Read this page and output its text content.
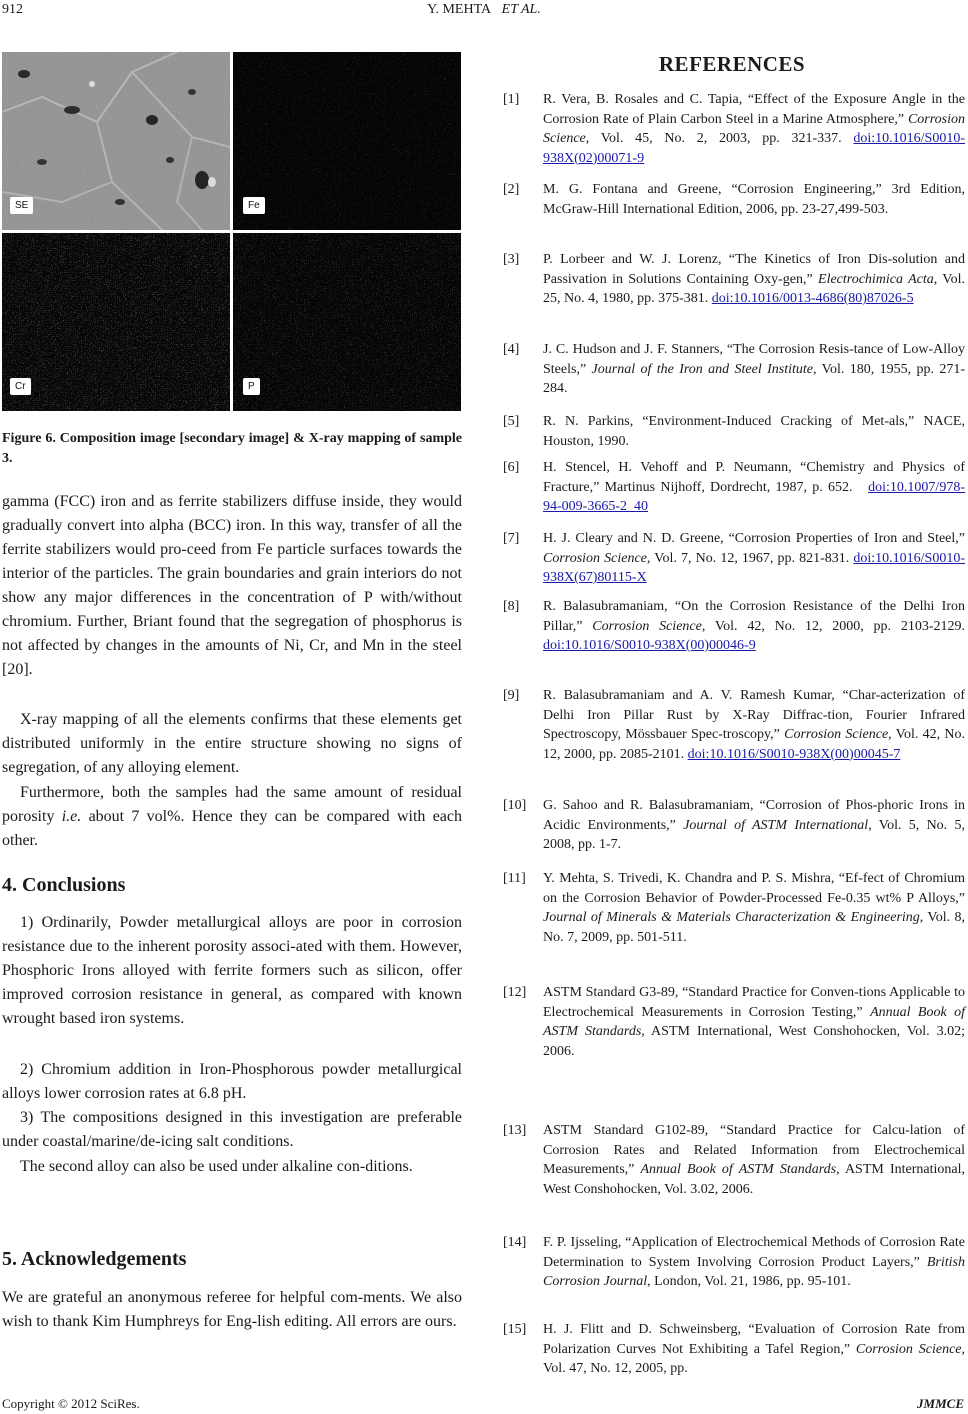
912	Y. MEHTA ET AL.
SE	Fe
Cr	P
Figure 6. Composition image [secondary image] & X-ray mapping of sample 3.
gamma (FCC) iron and as ferrite stabilizers diffuse inside, they would gradually convert into alpha (BCC) iron. In this way, transfer of all the ferrite stabilizers would pro-ceed from Fe particle surfaces towards the interior of the particles. The grain boundaries and grain interiors do not show any major differences in the concentration of P with/without chromium. Further, Briant found that the segregation of phosphorus is not affected by changes in the amounts of Ni, Cr, and Mn in the steel [20].
X-ray mapping of all the elements confirms that these elements get distributed uniformly in the entire structure showing no signs of segregation, of any alloying element.
Furthermore, both the samples had the same amount of residual porosity i.e. about 7 vol%. Hence they can be compared with each other.
4. Conclusions
1) Ordinarily, Powder metallurgical alloys are poor in corrosion resistance due to the inherent porosity associ-ated with them. However, Phosphoric Irons alloyed with ferrite formers such as silicon, offer improved corrosion resistance in general, as compared with known wrought based iron systems.
2) Chromium addition in Iron-Phosphorous powder metallurgical alloys lower corrosion rates at 6.8 pH.
3) The compositions designed in this investigation are preferable under coastal/marine/de-icing salt conditions.
The second alloy can also be used under alkaline con-ditions.
5. Acknowledgements
We are grateful an anonymous referee for helpful com-ments. We also wish to thank Kim Humphreys for Eng-lish editing. All errors are ours.
REFERENCES
[1] R. Vera, B. Rosales and C. Tapia, “Effect of the Exposure Angle in the Corrosion Rate of Plain Carbon Steel in a Marine Atmosphere,” Corrosion Science, Vol. 45, No. 2, 2003, pp. 321-337. doi:10.1016/S0010-938X(02)00071-9
[2] M. G. Fontana and Greene, “Corrosion Engineering,” 3rd Edition, McGraw-Hill International Edition, 2006, pp. 23-27,499-503.
[3] P. Lorbeer and W. J. Lorenz, “The Kinetics of Iron Dis-solution and Passivation in Solutions Containing Oxy-gen,” Electrochimica Acta, Vol. 25, No. 4, 1980, pp. 375-381. doi:10.1016/0013-4686(80)87026-5
[4] J. C. Hudson and J. F. Stanners, “The Corrosion Resis-tance of Low-Alloy Steels,” Journal of the Iron and Steel Institute, Vol. 180, 1955, pp. 271-284.
[5] R. N. Parkins, “Environment-Induced Cracking of Met-als,” NACE, Houston, 1990.
[6] H. Stencel, H. Vehoff and P. Neumann, “Chemistry and Physics of Fracture,” Martinus Nijhoff, Dordrecht, 1987, p. 652.   doi:10.1007/978-94-009-3665-2_40
[7] H. J. Cleary and N. D. Greene, “Corrosion Properties of Iron and Steel,” Corrosion Science, Vol. 7, No. 12, 1967, pp. 821-831. doi:10.1016/S0010-938X(67)80115-X
[8] R. Balasubramaniam, “On the Corrosion Resistance of the Delhi Iron Pillar,” Corrosion Science, Vol. 42, No. 12, 2000, pp. 2103-2129. doi:10.1016/S0010-938X(00)00046-9
[9] R. Balasubramaniam and A. V. Ramesh Kumar, “Char-acterization of Delhi Iron Pillar Rust by X-Ray Diffrac-tion, Fourier Infrared Spectroscopy, Mössbauer Spec-troscopy,” Corrosion Science, Vol. 42, No. 12, 2000, pp. 2085-2101. doi:10.1016/S0010-938X(00)00045-7
[10] G. Sahoo and R. Balasubramaniam, “Corrosion of Phos-phoric Irons in Acidic Environments,” Journal of ASTM International, Vol. 5, No. 5, 2008, pp. 1-7.
[11] Y. Mehta, S. Trivedi, K. Chandra and P. S. Mishra, “Ef-fect of Chromium on the Corrosion Behavior of Powder-Processed Fe-0.35 wt% P Alloys,” Journal of Minerals & Materials Characterization & Engineering, Vol. 8, No. 7, 2009, pp. 501-511.
[12] ASTM Standard G3-89, “Standard Practice for Conven-tions Applicable to Electrochemical Measurements in Corrosion Testing,” Annual Book of ASTM Standards, ASTM International, West Conshohocken, Vol. 3.02; 2006.
[13] ASTM Standard G102-89, “Standard Practice for Calcu-lation of Corrosion Rates and Related Information from Electrochemical Measurements,” Annual Book of ASTM Standards, ASTM International, West Conshohocken, Vol. 3.02, 2006.
[14] F. P. Ijsseling, “Application of Electrochemical Methods of Corrosion Rate Determination to System Involving Corrosion Product Layers,” British Corrosion Journal, London, Vol. 21, 1986, pp. 95-101.
[15] H. J. Flitt and D. Schweinsberg, “Evaluation of Corrosion Rate from Polarization Curves Not Exhibiting a Tafel Region,” Corrosion Science, Vol. 47, No. 12, 2005, pp.
Copyright © 2012 SciRes.	JMMCE
